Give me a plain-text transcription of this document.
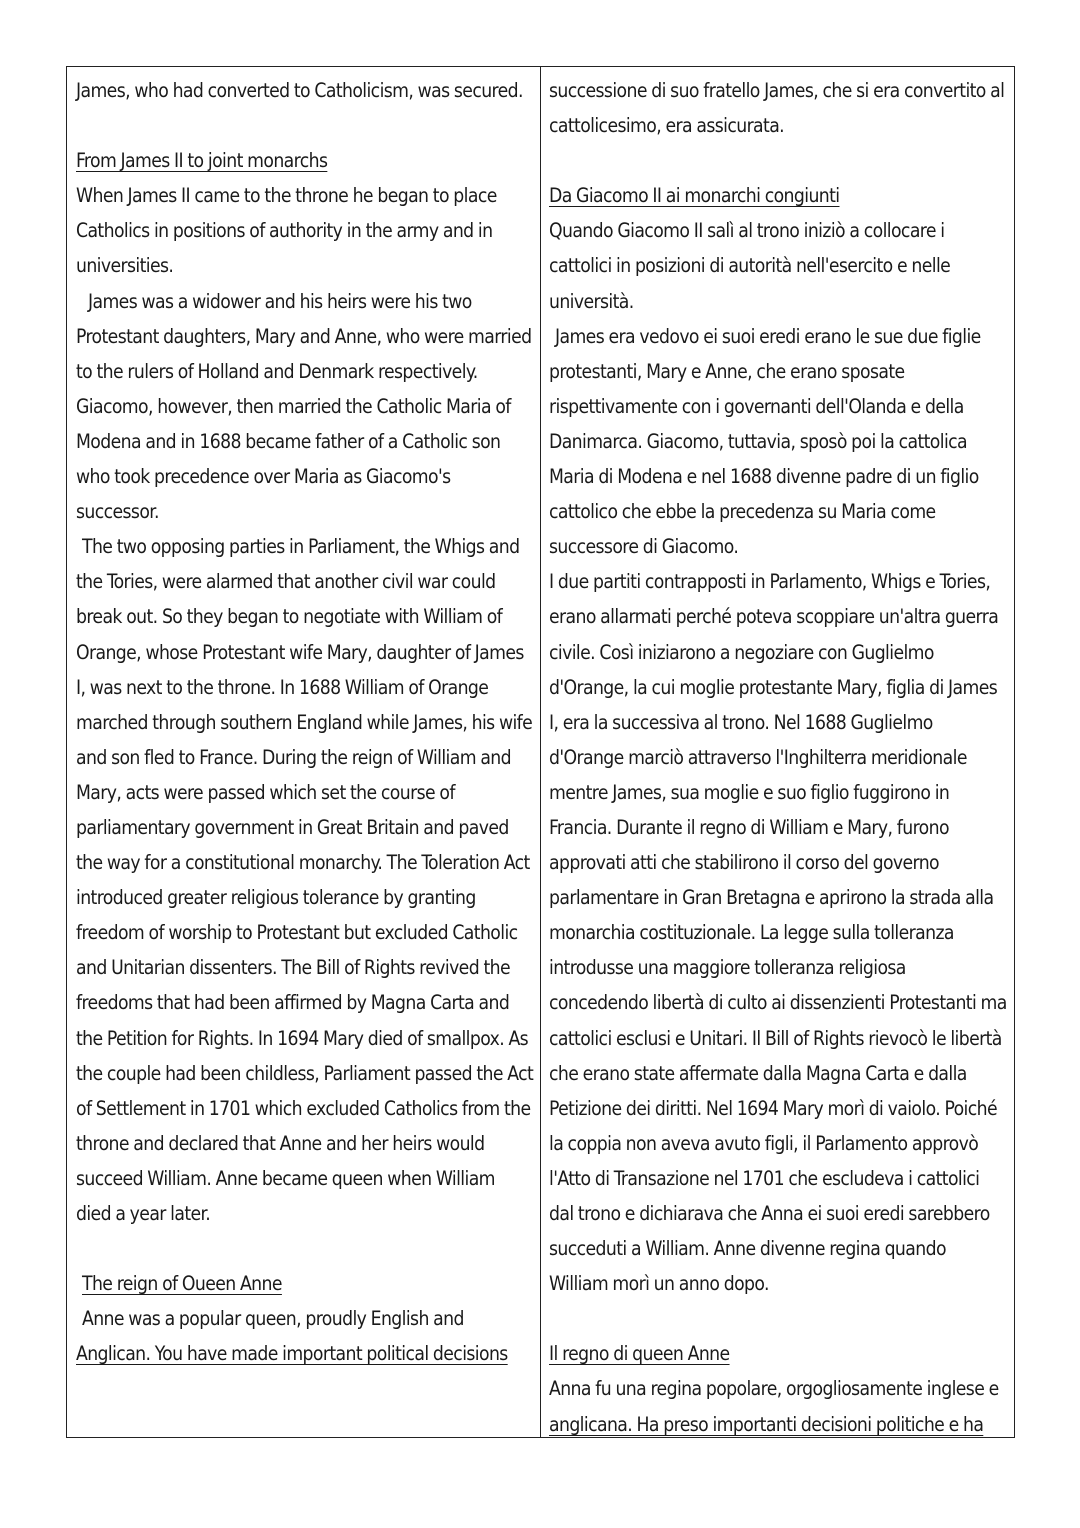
James, who had converted to Catholicism, was secured.

From James II to joint monarchs

When James II came to the throne he began to place Catholics in positions of authority in the army and in universities.

James was a widower and his heirs were his two Protestant daughters, Mary and Anne, who were married to the rulers of Holland and Denmark respectively. Giacomo, however, then married the Catholic Maria of Modena and in 1688 became father of a Catholic son who took precedence over Maria as Giacomo's successor.

The two opposing parties in Parliament, the Whigs and the Tories, were alarmed that another civil war could break out. So they began to negotiate with William of Orange, whose Protestant wife Mary, daughter of James I, was next to the throne. In 1688 William of Orange marched through southern England while James, his wife and son fled to France. During the reign of William and Mary, acts were passed which set the course of parliamentary government in Great Britain and paved the way for a constitutional monarchy. The Toleration Act introduced greater religious tolerance by granting freedom of worship to Protestant but excluded Catholic and Unitarian dissenters. The Bill of Rights revived the freedoms that had been affirmed by Magna Carta and the Petition for Rights. In 1694 Mary died of smallpox. As the couple had been childless, Parliament passed the Act of Settlement in 1701 which excluded Catholics from the throne and declared that Anne and her heirs would succeed William. Anne became queen when William died a year later.

The reign of Oueen Anne

Anne was a popular queen, proudly English and

Anglican. You have made important political decisions

successione di suo fratello James, che si era convertito al cattolicesimo, era assicurata.

Da Giacomo II ai monarchi congiunti

Quando Giacomo II salì al trono iniziò a collocare i cattolici in posizioni di autorità nell'esercito e nelle università.

James era vedovo ei suoi eredi erano le sue due figlie protestanti, Mary e Anne, che erano sposate rispettivamente con i governanti dell'Olanda e della Danimarca. Giacomo, tuttavia, sposò poi la cattolica Maria di Modena e nel 1688 divenne padre di un figlio cattolico che ebbe la precedenza su Maria come successore di Giacomo.

I due partiti contrapposti in Parlamento, Whigs e Tories, erano allarmati perché poteva scoppiare un'altra guerra civile. Così iniziarono a negoziare con Guglielmo d'Orange, la cui moglie protestante Mary, figlia di James I, era la successiva al trono. Nel 1688 Guglielmo d'Orange marciò attraverso l'Inghilterra meridionale mentre James, sua moglie e suo figlio fuggirono in Francia. Durante il regno di William e Mary, furono approvati atti che stabilirono il corso del governo parlamentare in Gran Bretagna e aprirono la strada alla monarchia costituzionale. La legge sulla tolleranza introdusse una maggiore tolleranza religiosa concedendo libertà di culto ai dissenzienti Protestanti ma cattolici esclusi e Unitari. Il Bill of Rights rievocò le libertà che erano state affermate dalla Magna Carta e dalla Petizione dei diritti. Nel 1694 Mary morì di vaiolo. Poiché la coppia non aveva avuto figli, il Parlamento approvò l'Atto di Transazione nel 1701 che escludeva i cattolici dal trono e dichiarava che Anna ei suoi eredi sarebbero succeduti a William. Anne divenne regina quando William morì un anno dopo.

Il regno di queen Anne

Anna fu una regina popolare, orgogliosamente inglese e

anglicana. Ha preso importanti decisioni politiche e ha
